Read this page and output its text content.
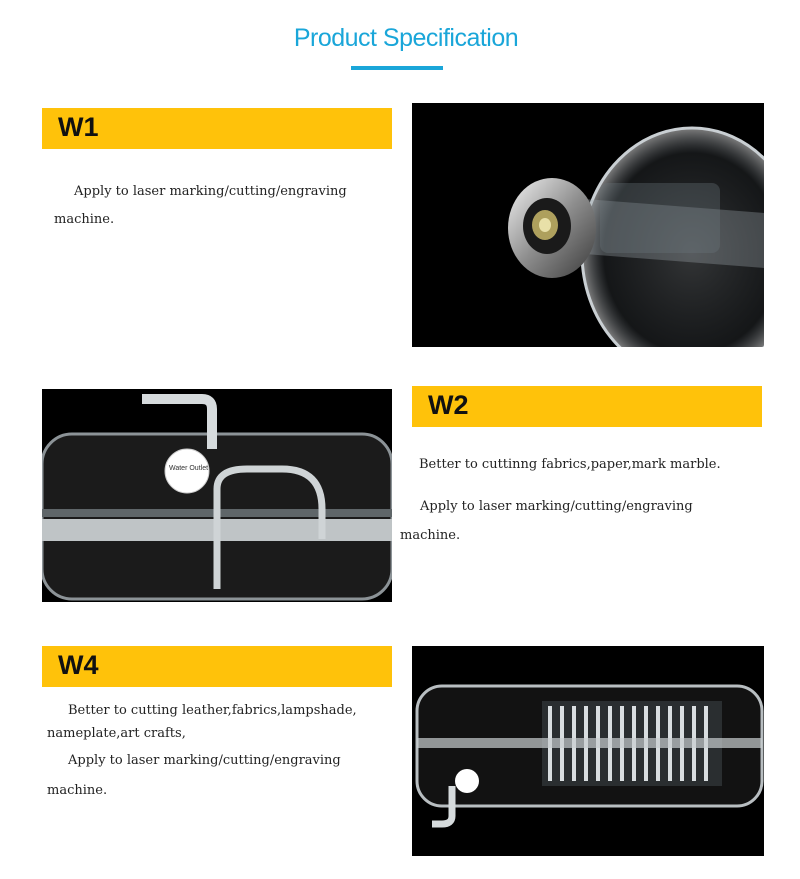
Product Specification
W1

Apply to laser marking/cutting/engraving

machine.

Water Outlet
W2

Better to cuttinng fabrics,paper,mark marble.

Apply to laser marking/cutting/engraving

machine.

W4

Better to cutting leather,fabrics,lampshade,

nameplate,art crafts,

Apply to laser marking/cutting/engraving

machine.
